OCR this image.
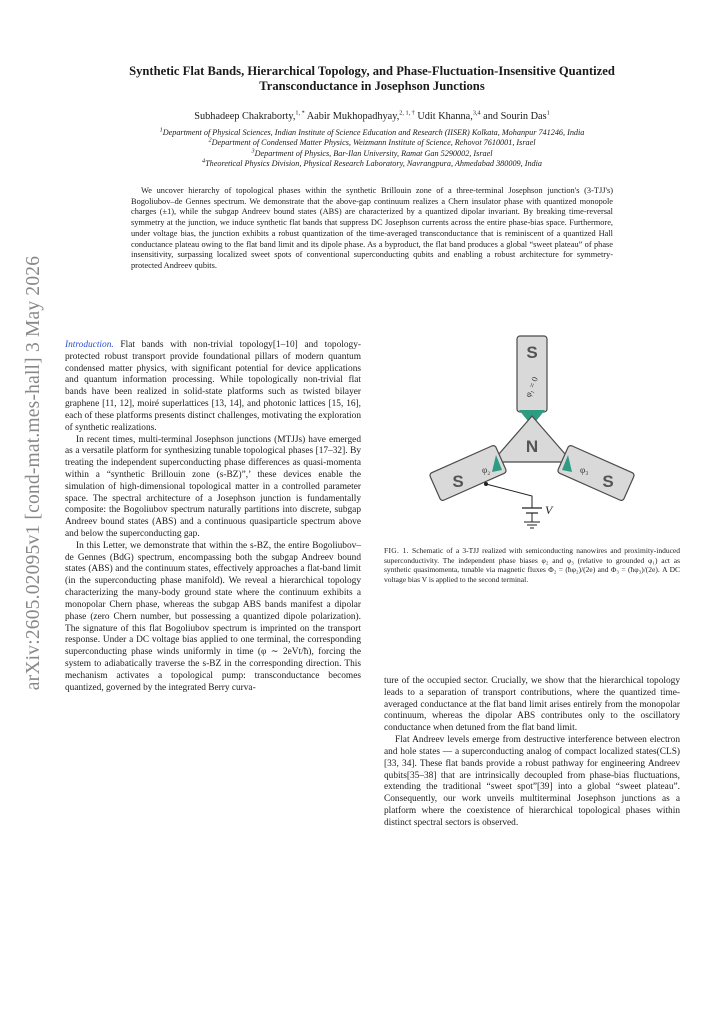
arXiv:2605.02095v1 [cond-mat.mes-hall] 3 May 2026
Synthetic Flat Bands, Hierarchical Topology, and Phase-Fluctuation-Insensitive Quantized Transconductance in Josephson Junctions
Subhadeep Chakraborty,$^{1, *}$ Aabir Mukhopadhyay,$^{2, 1, \dagger}$ Udit Khanna,$^{3,4}$ and Sourin Das$^1$
$^1$Department of Physical Sciences, Indian Institute of Science Education and Research (IISER) Kolkata, Mohanpur 741246, India
$^2$Department of Condensed Matter Physics, Weizmann Institute of Science, Rehovot 7610001, Israel
$^3$Department of Physics, Bar-Ilan University, Ramat Gan 5290002, Israel
$^4$Theoretical Physics Division, Physical Research Laboratory, Navrangpura, Ahmedabad 380009, India

We uncover hierarchy of topological phases within the synthetic Brillouin zone of a three-terminal Josephson junction's (3-TJJ's) Bogoliubov–de Gennes spectrum. We demonstrate that the above-gap continuum realizes a Chern insulator phase with quantized monopole charges (±1), while the subgap Andreev bound states (ABS) are characterized by a quantized dipolar invariant. By breaking time-reversal symmetry at the junction, we induce synthetic flat bands that suppress DC Josephson currents across the entire phase-bias space. Furthermore, under voltage bias, the junction exhibits a robust quantization of the time-averaged transconductance that is reminiscent of a quantized Hall conductance plateau owing to the flat band limit and its dipole phase. As a byproduct, the flat band produces a global “sweet plateau” of phase insensitivity, surpassing localized sweet spots of conventional superconducting qubits and enabling a robust architecture for symmetry-protected Andreev qubits.

Introduction. Flat bands with non-trivial topology[1–10] and topology-protected robust transport provide foundational pillars of modern quantum condensed matter physics, with significant potential for device applications and quantum information processing. While topologically non-trivial flat bands have been realized in solid-state platforms such as twisted bilayer graphene [11, 12], moiré superlattices [13, 14], and photonic lattices [15, 16], each of these platforms presents distinct challenges, motivating the exploration of synthetic realizations.

In recent times, multi-terminal Josephson junctions (MTJJs) have emerged as a versatile platform for synthesizing tunable topological phases [17–32]. By treating the independent superconducting phase differences as quasi-momenta within a “synthetic Brillouin zone (s-BZ)”,’ these devices enable the simulation of high-dimensional topological matter in a controlled parameter space. The spectral architecture of a Josephson junction is fundamentally composite: the Bogoliubov spectrum naturally partitions into discrete, subgap Andreev bound states (ABS) and a continuous quasiparticle spectrum above and below the superconducting gap.

In this Letter, we demonstrate that within the s-BZ, the entire Bogoliubov–de Gennes (BdG) spectrum, encompassing both the subgap Andreev bound states (ABS) and the continuum states, effectively approaches a flat-band limit (in the superconducting phase manifold). We reveal a hierarchical topology characterizing the many-body ground state where the continuum exhibits a monopolar Chern phase, whereas the subgap ABS bands manifest a dipolar phase (zero Chern number, but possessing a quantized dipole polarization). The signature of this flat Bogoliubov spectrum is imprinted on the transport response. Under a DC voltage bias applied to one terminal, the corresponding superconducting phase winds uniformly in time (φ ∼ 2eVt/ħ), forcing the system to adiabatically traverse the s-BZ in the corresponding direction. This mechanism activates a topological pump: transconductance becomes quantized, governed by the integrated Berry curva-

S
φ₁ = 0
N
S
φ₂
S
φ₃
V
FIG. 1. Schematic of a 3-TJJ realized with semiconducting nanowires and proximity-induced superconductivity. The independent phase biases φ₂ and φ₃ (relative to grounded φ₁) act as synthetic quasimomenta, tunable via magnetic fluxes Φ₂ = (ħφ₂)/(2e) and Φ₃ = (ħφ₃)/(2e). A DC voltage bias V is applied to the second terminal.

ture of the occupied sector. Crucially, we show that the hierarchical topology leads to a separation of transport contributions, where the quantized time-averaged conductance at the flat band limit arises entirely from the monopolar continuum, whereas the dipolar ABS contributes only to the oscillatory conductance when detuned from the flat band limit.

Flat Andreev levels emerge from destructive interference between electron and hole states — a superconducting analog of compact localized states(CLS)[33, 34]. These flat bands provide a robust pathway for engineering Andreev qubits[35–38] that are intrinsically decoupled from phase-bias fluctuations, extending the traditional “sweet spot”[39] into a global “sweet plateau”. Consequently, our work unveils multiterminal Josephson junctions as a platform where the coexistence of hierarchical topological phases within distinct spectral sectors is observed.
